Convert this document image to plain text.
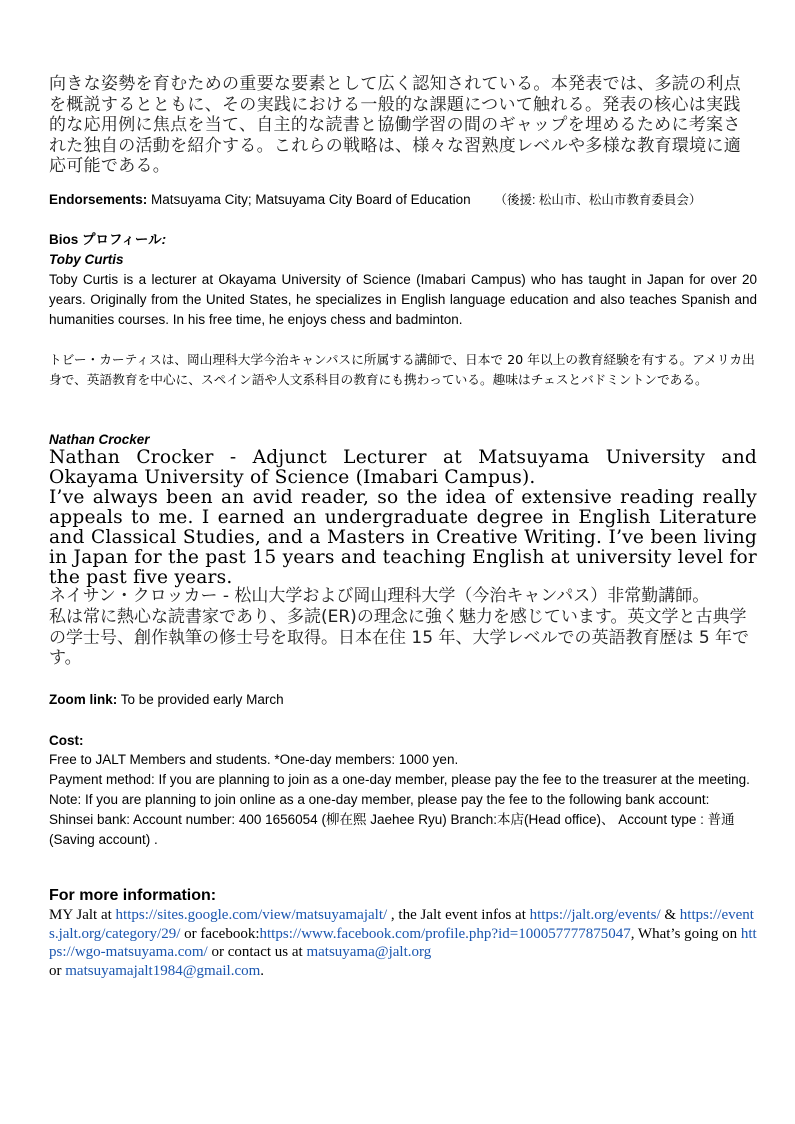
向きな姿勢を育むための重要な要素として広く認知されている。本発表では、多読の利点を概説するとともに、その実践における一般的な課題について触れる。発表の核心は実践的な応用例に焦点を当て、自主的な読書と協働学習の間のギャップを埋めるために考案された独自の活動を紹介する。これらの戦略は、様々な習熟度レベルや多様な教育環境に適応可能である。
Endorsements: Matsuyama City; Matsuyama City Board of Education （後援: 松山市、松山市教育委員会）
Bios プロフィール:
Toby Curtis
Toby Curtis is a lecturer at Okayama University of Science (Imabari Campus) who has taught in Japan for over 20 years. Originally from the United States, he specializes in English language education and also teaches Spanish and humanities courses. In his free time, he enjoys chess and badminton.
トビー・カーティスは、岡山理科大学今治キャンパスに所属する講師で、日本で 20 年以上の教育経験を有する。アメリカ出身で、英語教育を中心に、スペイン語や人文系科目の教育にも携わっている。趣味はチェスとバドミントンである。
Nathan Crocker
Nathan Crocker - Adjunct Lecturer at Matsuyama University and Okayama University of Science (Imabari Campus).
I’ve always been an avid reader, so the idea of extensive reading really appeals to me. I earned an undergraduate degree in English Literature and Classical Studies, and a Masters in Creative Writing. I’ve been living in Japan for the past 15 years and teaching English at university level for the past five years.
ネイサン・クロッカー - 松山大学および岡山理科大学（今治キャンパス）非常勤講師。
私は常に熱心な読書家であり、多読(ER)の理念に強く魅力を感じています。英文学と古典学の学士号、創作執筆の修士号を取得。日本在住 15 年、大学レベルでの英語教育歴は 5 年です。
Zoom link: To be provided early March
Cost:
Free to JALT Members and students. *One-day members: 1000 yen.
Payment method: If you are planning to join as a one-day member, please pay the fee to the treasurer at the meeting.
Note: If you are planning to join online as a one-day member, please pay the fee to the following bank account:
Shinsei bank: Account number: 400 1656054 (柳在熙 Jaehee Ryu) Branch:本店(Head office)、 Account type : 普通(Saving account) .
For more information:
MY Jalt at https://sites.google.com/view/matsuyamajalt/ , the Jalt event infos at https://jalt.org/events/ & https://events.jalt.org/category/29/ or facebook:https://www.facebook.com/profile.php?id=100057777875047, What’s going on https://wgo-matsuyama.com/ or contact us at matsuyama@jalt.org
or matsuyamajalt1984@gmail.com.
